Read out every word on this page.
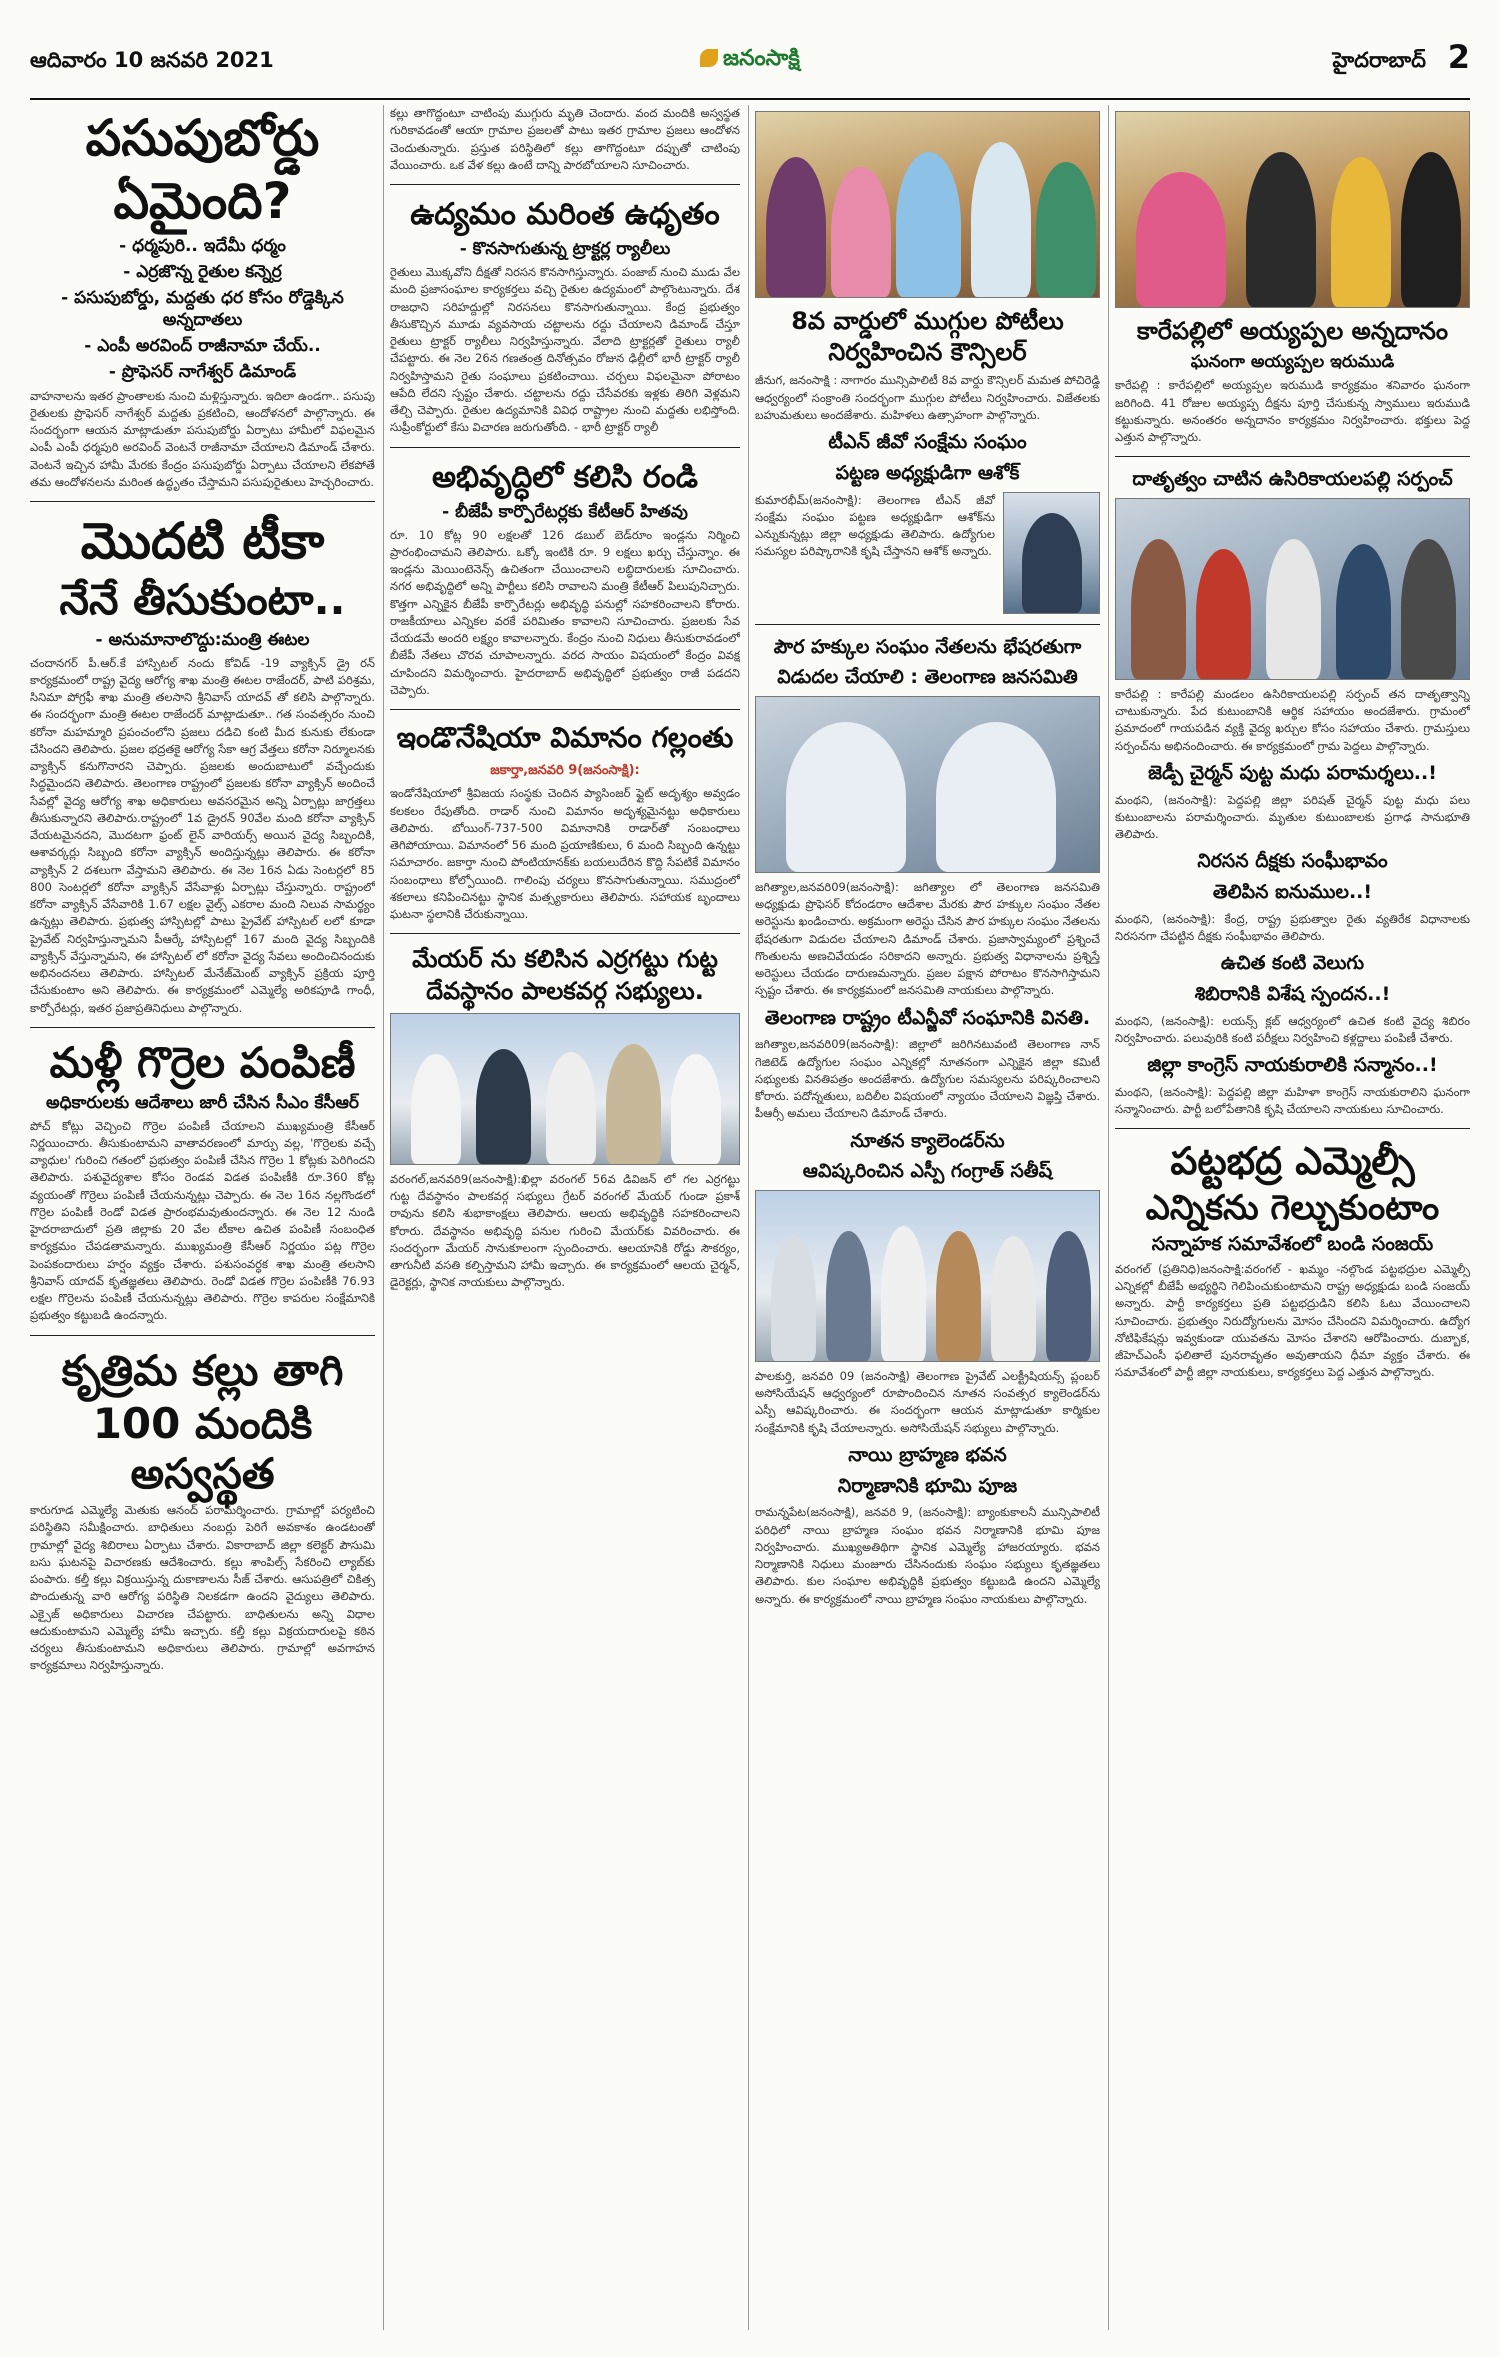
ఆదివారం 10 జనవరి 2021	జనంసాక్షి	హైదరాబాద్ 2
పసుపుబోర్డు
ఏమైంది?
- ధర్మపురి.. ఇదేమీ ధర్మం
- ఎర్రజొన్న రైతుల కన్నెర్ర
- పసుపుబోర్డు, మద్దతు ధర కోసం రోడ్డెక్కిన అన్నదాతలు
- ఎంపీ అరవింద్ రాజీనామా చేయ్..
- ప్రొఫెసర్ నాగేశ్వర్ డిమాండ్
వాహనాలను ఇతర ప్రాంతాలకు నుంచి మళ్లిస్తున్నారు. ఇదిలా ఉండగా.. పసుపు రైతులకు ప్రొఫెసర్ నాగేశ్వర్ మద్దతు ప్రకటించి, ఆందోళనలో పాల్గొన్నారు. ఈ సందర్భంగా ఆయన మాట్లాడుతూ పసుపుబోర్డు ఏర్పాటు హామీలో విఫలమైన ఎంపీ ఎంపీ ధర్మపురి అరవింద్ వెంటనే రాజీనామా చేయాలని డిమాండ్ చేశారు. వెంటనే ఇచ్చిన హామీ మేరకు కేంద్రం పసుపుబోర్డు ఏర్పాటు చేయాలని లేకపోతే తమ ఆందోళనలను మరింత ఉద్ధృతం చేస్తామని పసుపురైతులు హెచ్చరించారు.
మొదటి టీకా
నేనే తీసుకుంటా..
- అనుమానాలొద్దు:మంత్రి ఈటల
చందానగర్ పీ.ఆర్.కే హాస్పిటల్ నందు కోవిడ్ -19 వ్యాక్సిన్ డ్రై రన్ కార్యక్రమంలో రాష్ట్ర వైద్య ఆరోగ్య శాఖ మంత్రి ఈటల రాజేందర్, పాటి పరిశ్రమ, సినిమా పోగ్రఫీ శాఖ మంత్రి తలసాని శ్రీనివాస్ యాదవ్ తో కలిసి పాల్గొన్నారు. ఈ సందర్భంగా మంత్రి ఈటల రాజేందర్ మాట్లాడుతూ.. గత సంవత్సరం నుంచి కరోనా మహమ్మారి ప్రపంచంలోని ప్రజలు దడిచి కంటి మీద కునుకు లేకుండా చేసిందని తెలిపారు. ప్రజల భద్రతకై ఆరోగ్య సేకా ఆగ్ర వేత్తలు కరోనా నిర్మూలనకు వ్యాక్సిన్ కనుగొనారని చెప్పారు. ప్రజలకు అందుబాటులో వచ్చేందుకు సిద్ధమైందని తెలిపారు. తెలంగాణ రాష్ట్రంలో ప్రజలకు కరోనా వ్యాక్సిన్ అందించే సేవల్లో వైద్య ఆరోగ్య శాఖ అధికారులు అవసరమైన అన్ని ఏర్పాట్లు జాగ్రత్తలు తీసుకున్నారని తెలిపారు.రాష్ట్రంలో 1వ డ్రైరన్ 90వేల మంది కరోనా వ్యాక్సిన్ వేయటమైనదని, మొదటగా ఫ్రంట్ లైన్ వారియర్స్ అయిన వైద్య సిబ్బందికి, ఆశావర్కర్లు సిబ్బంది కరోనా వ్యాక్సిన్ అందిస్తున్నట్లు తెలిపారు. ఈ కరోనా వ్యాక్సిన్ 2 దశలుగా వేస్తామని తెలిపారు. ఈ నెల 16న ఏడు సెంటర్లలో 85 800 సెంటర్లలో కరోనా వ్యాక్సిన్ వేసేవాళ్లు ఏర్పాట్లు చేస్తున్నారు. రాష్ట్రంలో కరోనా వ్యాక్సిన్ వేసేవారికి 1.67 లక్షల వైల్స్ ఎకరాల మంది నిలువ సామర్థ్యం ఉన్నట్లు తెలిపారు. ప్రభుత్వ హాస్పిటల్లో పాటు ప్రైవేట్ హాస్పిటల్ లలో కూడా ప్రైవేట్ నిర్వహిస్తున్నామని పీఆర్కే హాస్పిటల్లో 167 మంది వైద్య సిబ్బందికి వ్యాక్సిన్ వేస్తున్నామని, ఈ హాస్పిటల్ లో కరోనా వైద్య సేవలు అందించినందుకు అభినందనలు తెలిపారు. హాస్పిటల్ మేనేజ్‌మెంట్ వ్యాక్సిన్ ప్రక్రియ పూర్తి చేసుకుంటాం అని తెలిపారు. ఈ కార్యక్రమంలో ఎమ్మెల్యే అరికపూడి గాంధీ, కార్పోరేటర్లు, ఇతర ప్రజాప్రతినిధులు పాల్గొన్నారు.
మళ్లీ గొర్రెల పంపిణీ
అధికారులకు ఆదేశాలు జారీ చేసిన సీఎం కేసీఆర్
పోచ్ కోట్లు వెచ్చించి గొర్రెల పంపిణీ చేయాలని ముఖ్యమంత్రి కేసీఆర్ నిర్ణయించారు. తీసుకుంటామని వాతావరణంలో మార్పు వల్ల, 'గొర్రెలకు వచ్చే వ్యాధుల' గురించి గతంలో ప్రభుత్వం పంపిణీ చేసిన గొర్రెల 1 కోట్లకు పెరిగిందని తెలిపారు. పశువైద్యశాల కోసం రెండవ విడత పంపిణీకి రూ.360 కోట్ల వ్యయంతో గొర్రెలు పంపిణీ చేయనున్నట్లు చెప్పారు. ఈ నెల 16న నల్లగొండలో గొర్రెల పంపిణీ రెండో విడత ప్రారంభమవుతుందన్నారు. ఈ నెల 12 నుండి హైదరాబాదులో ప్రతి జిల్లాకు 20 వేల టీకాల ఉచిత పంపిణీ సంబంధిత కార్యక్రమం చేపడతామన్నారు. ముఖ్యమంత్రి కేసీఆర్ నిర్ణయం పట్ల గొర్రెల పెంపకందారులు హర్షం వ్యక్తం చేశారు. పశుసంవర్ధక శాఖ మంత్రి తలసాని శ్రీనివాస్ యాదవ్ కృతజ్ఞతలు తెలిపారు. రెండో విడత గొర్రెల పంపిణీకి 76.93 లక్షల గొర్రెలను పంపిణీ చేయనున్నట్లు తెలిపారు. గొర్రెల కాపరుల సంక్షేమానికి ప్రభుత్వం కట్టుబడి ఉందన్నారు.
కృత్రిమ కల్లు తాగి
100 మందికి అస్వస్థత
కారుగూడ ఎమ్మెల్యే మెతుకు ఆనంద్ పరామర్శించారు. గ్రామాల్లో పర్యటించి పరిస్థితిని సమీక్షించారు. బాధితులు నంబర్లు పెరిగే అవకాశం ఉండటంతో గ్రామాల్లో వైద్య శిబిరాలు ఏర్పాటు చేశారు. వికారాబాద్ జిల్లా కలెక్టర్ పౌసుమి బసు ఘటనపై విచారణకు ఆదేశించారు. కల్లు శాంపిల్స్ సేకరించి ల్యాబ్‌కు పంపారు. కల్తీ కల్లు విక్రయిస్తున్న దుకాణాలను సీజ్ చేశారు. ఆసుపత్రిలో చికిత్స పొందుతున్న వారి ఆరోగ్య పరిస్థితి నిలకడగా ఉందని వైద్యులు తెలిపారు. ఎక్సైజ్ అధికారులు విచారణ చేపట్టారు. బాధితులను అన్ని విధాల ఆదుకుంటామని ఎమ్మెల్యే హామీ ఇచ్చారు. కల్తీ కల్లు విక్రయదారులపై కఠిన చర్యలు తీసుకుంటామని అధికారులు తెలిపారు. గ్రామాల్లో అవగాహన కార్యక్రమాలు నిర్వహిస్తున్నారు.
కల్లు తాగొద్దంటూ చాటింపు ముగ్గురు మృతి చెందారు. వంద మందికి అస్వస్థత గురికావడంతో ఆయా గ్రామాల ప్రజలతో పాటు ఇతర గ్రామాల ప్రజలు ఆందోళన చెందుతున్నారు. ప్రస్తుత పరిస్థితిలో కల్లు తాగొద్దంటూ దప్పుతో చాటింపు వేయించారు. ఒక వేళ కల్లు ఉంటే దాన్ని పారబోయాలని సూచించారు.
ఉద్యమం మరింత ఉధృతం
- కొనసాగుతున్న ట్రాక్టర్ల ర్యాలీలు
రైతులు మొక్కవోని దీక్షతో నిరసన కొనసాగిస్తున్నారు. పంజాబ్ నుంచి ముడు వేల మంది ప్రజాసంఘాల కార్యకర్తలు వచ్చి రైతుల ఉద్యమంలో పాల్గొంటున్నారు. దేశ రాజధాని సరిహద్దుల్లో నిరసనలు కొనసాగుతున్నాయి. కేంద్ర ప్రభుత్వం తీసుకొచ్చిన మూడు వ్యవసాయ చట్టాలను రద్దు చేయాలని డిమాండ్ చేస్తూ రైతులు ట్రాక్టర్ ర్యాలీలు నిర్వహిస్తున్నారు. వేలాది ట్రాక్టర్లతో రైతులు ర్యాలీ చేపట్టారు. ఈ నెల 26న గణతంత్ర దినోత్సవం రోజున ఢిల్లీలో భారీ ట్రాక్టర్ ర్యాలీ నిర్వహిస్తామని రైతు సంఘాలు ప్రకటించాయి. చర్చలు విఫలమైనా పోరాటం ఆపేది లేదని స్పష్టం చేశారు. చట్టాలను రద్దు చేసేవరకు ఇళ్లకు తిరిగి వెళ్లమని తేల్చి చెప్పారు. రైతుల ఉద్యమానికి వివిధ రాష్ట్రాల నుంచి మద్దతు లభిస్తోంది. సుప్రీంకోర్టులో కేసు విచారణ జరుగుతోంది. - భారీ ట్రాక్టర్ ర్యాలీ
అభివృద్ధిలో కలిసి రండి
- బీజేపీ కార్పొరేటర్లకు కేటీఆర్ హితవు
రూ. 10 కోట్ల 90 లక్షలతో 126 డబుల్ బెడ్‌రూం ఇండ్లను నిర్మించి ప్రారంభించామని తెలిపారు. ఒక్కో ఇంటికి రూ. 9 లక్షలు ఖర్చు చేస్తున్నాం. ఈ ఇండ్లను మెయింటెనెన్స్ ఉచితంగా చేయించాలని లబ్ధిదారులకు సూచించారు. నగర అభివృద్ధిలో అన్ని పార్టీలు కలిసి రావాలని మంత్రి కేటీఆర్ పిలుపునిచ్చారు. కొత్తగా ఎన్నికైన బీజేపీ కార్పొరేటర్లు అభివృద్ధి పనుల్లో సహకరించాలని కోరారు. రాజకీయాలు ఎన్నికల వరకే పరిమితం కావాలని సూచించారు. ప్రజలకు సేవ చేయడమే అందరి లక్ష్యం కావాలన్నారు. కేంద్రం నుంచి నిధులు తీసుకురావడంలో బీజేపీ నేతలు చొరవ చూపాలన్నారు. వరద సాయం విషయంలో కేంద్రం వివక్ష చూపిందని విమర్శించారు. హైదరాబాద్ అభివృద్ధిలో ప్రభుత్వం రాజీ పడదని చెప్పారు.
ఇండొనేషియా విమానం గల్లంతు
జకార్తా,జనవరి 9(జనంసాక్షి):
ఇండోనేషియాలో శ్రీవిజయ సంస్థకు చెందిన ప్యాసింజర్ ఫ్లైట్ అదృశ్యం అవ్వడం కలకలం రేపుతోంది. రాడార్ నుంచి విమానం అదృశ్యమైనట్టు అధికారులు తెలిపారు. బోయింగ్-737-500 విమానానికి రాడార్‌తో సంబంధాలు తెగిపోయాయి. విమానంలో 56 మంది ప్రయాణికులు, 6 మంది సిబ్బంది ఉన్నట్టు సమాచారం. జకార్తా నుంచి పోంటియానక్‌కు బయలుదేరిన కొద్ది సేపటికే విమానం సంబంధాలు కోల్పోయింది. గాలింపు చర్యలు కొనసాగుతున్నాయి. సముద్రంలో శకలాలు కనిపించినట్టు స్థానిక మత్స్యకారులు తెలిపారు. సహాయక బృందాలు ఘటనా స్థలానికి చేరుకున్నాయి.
మేయర్ ను కలిసిన ఎర్రగట్టు గుట్ట దేవస్థానం పాలకవర్గ సభ్యులు.
వరంగల్,జనవరి9(జనంసాక్షి):ఖిల్లా వరంగల్ 56వ డివిజన్ లో గల ఎర్రగట్టు గుట్ట దేవస్థానం పాలకవర్గ సభ్యులు గ్రేటర్ వరంగల్ మేయర్ గుండా ప్రకాశ్ రావును కలిసి శుభాకాంక్షలు తెలిపారు. ఆలయ అభివృద్ధికి సహకరించాలని కోరారు. దేవస్థానం అభివృద్ధి పనుల గురించి మేయర్‌కు వివరించారు. ఈ సందర్భంగా మేయర్ సానుకూలంగా స్పందించారు. ఆలయానికి రోడ్డు సౌకర్యం, తాగునీటి వసతి కల్పిస్తామని హామీ ఇచ్చారు. ఈ కార్యక్రమంలో ఆలయ చైర్మన్, డైరెక్టర్లు, స్థానిక నాయకులు పాల్గొన్నారు.
8వ వార్డులో ముగ్గుల పోటీలు నిర్వహించిన కౌన్సిలర్
జీనుగ, జనంసాక్షి : నాగారం మున్సిపాలిటీ 8వ వార్డు కౌన్సిలర్ మమత పోచిరెడ్డి ఆధ్వర్యంలో సంక్రాంతి సందర్భంగా ముగ్గుల పోటీలు నిర్వహించారు. విజేతలకు బహుమతులు అందజేశారు. మహిళలు ఉత్సాహంగా పాల్గొన్నారు.
టీఎన్ జీవో సంక్షేమ సంఘం
పట్టణ అధ్యక్షుడిగా ఆశోక్
కుమారభీమ్(జనంసాక్షి): తెలంగాణ టీఎన్ జీవో సంక్షేమ సంఘం పట్టణ అధ్యక్షుడిగా ఆశోక్‌ను ఎన్నుకున్నట్లు జిల్లా అధ్యక్షుడు తెలిపారు. ఉద్యోగుల సమస్యల పరిష్కారానికి కృషి చేస్తానని ఆశోక్ అన్నారు.
పౌర హక్కుల సంఘం నేతలను భేషరతుగా
విడుదల చేయాలి : తెలంగాణ జనసమితి
జగిత్యాల,జనవరి09(జనంసాక్షి): జగిత్యాల లో తెలంగాణ జనసమితి అధ్యక్షుడు ప్రొఫెసర్ కోదండరాం ఆదేశాల మేరకు పౌర హక్కుల సంఘం నేతల అరెస్టును ఖండించారు. అక్రమంగా అరెస్టు చేసిన పౌర హక్కుల సంఘం నేతలను భేషరతుగా విడుదల చేయాలని డిమాండ్ చేశారు. ప్రజాస్వామ్యంలో ప్రశ్నించే గొంతులను అణచివేయడం సరికాదని అన్నారు. ప్రభుత్వ విధానాలను ప్రశ్నిస్తే అరెస్టులు చేయడం దారుణమన్నారు. ప్రజల పక్షాన పోరాటం కొనసాగిస్తామని స్పష్టం చేశారు. ఈ కార్యక్రమంలో జనసమితి నాయకులు పాల్గొన్నారు.
తెలంగాణ రాష్ట్రం టీఎన్జీవో సంఘానికి వినతి.
జగిత్యాల,జనవరి09(జనంసాక్షి): జిల్లాలో జరిగినటువంటి తెలంగాణ నాన్ గెజిటెడ్ ఉద్యోగుల సంఘం ఎన్నికల్లో నూతనంగా ఎన్నికైన జిల్లా కమిటీ సభ్యులకు వినతిపత్రం అందజేశారు. ఉద్యోగుల సమస్యలను పరిష్కరించాలని కోరారు. పదోన్నతులు, బదిలీల విషయంలో న్యాయం చేయాలని విజ్ఞప్తి చేశారు. పీఆర్సీ అమలు చేయాలని డిమాండ్ చేశారు.
నూతన క్యాలెండర్‌ను
ఆవిష్కరించిన ఎస్పీ గంగ్రాత్ సతీష్
పాలకుర్తి, జనవరి 09 (జనంసాక్షి) తెలంగాణ ప్రైవేట్ ఎలక్ట్రీషియన్స్ ప్లంబర్ అసోసియేషన్ ఆధ్వర్యంలో రూపొందించిన నూతన సంవత్సర క్యాలెండర్‌ను ఎస్పీ ఆవిష్కరించారు. ఈ సందర్భంగా ఆయన మాట్లాడుతూ కార్మికుల సంక్షేమానికి కృషి చేయాలన్నారు. అసోసియేషన్ సభ్యులు పాల్గొన్నారు.
నాయి బ్రాహ్మణ భవన
నిర్మాణానికి భూమి పూజ
రామన్నపేట(జనంసాక్షి), జనవరి 9, (జనంసాక్షి): బ్యాంకుకాలనీ మున్సిపాలిటీ పరిధిలో నాయి బ్రాహ్మణ సంఘం భవన నిర్మాణానికి భూమి పూజ నిర్వహించారు. ముఖ్యఅతిథిగా స్థానిక ఎమ్మెల్యే హాజరయ్యారు. భవన నిర్మాణానికి నిధులు మంజూరు చేసినందుకు సంఘం సభ్యులు కృతజ్ఞతలు తెలిపారు. కుల సంఘాల అభివృద్ధికి ప్రభుత్వం కట్టుబడి ఉందని ఎమ్మెల్యే అన్నారు. ఈ కార్యక్రమంలో నాయి బ్రాహ్మణ సంఘం నాయకులు పాల్గొన్నారు.
కారేపల్లిలో అయ్యప్పల అన్నదానం
ఘనంగా అయ్యప్పల ఇరుముడి
కారేపల్లి : కారేపల్లిలో అయ్యప్పల ఇరుముడి కార్యక్రమం శనివారం ఘనంగా జరిగింది. 41 రోజుల అయ్యప్ప దీక్షను పూర్తి చేసుకున్న స్వాములు ఇరుముడి కట్టుకున్నారు. అనంతరం అన్నదానం కార్యక్రమం నిర్వహించారు. భక్తులు పెద్ద ఎత్తున పాల్గొన్నారు.
దాతృత్వం చాటిన ఉసిరికాయలపల్లి సర్పంచ్
కారేపల్లి : కారేపల్లి మండలం ఉసిరికాయలపల్లి సర్పంచ్ తన దాతృత్వాన్ని చాటుకున్నారు. పేద కుటుంబానికి ఆర్థిక సహాయం అందజేశారు. గ్రామంలో ప్రమాదంలో గాయపడిన వ్యక్తి వైద్య ఖర్చుల కోసం సహాయం చేశారు. గ్రామస్తులు సర్పంచ్‌ను అభినందించారు. ఈ కార్యక్రమంలో గ్రామ పెద్దలు పాల్గొన్నారు.
జెడ్పీ చైర్మన్ పుట్ట మధు పరామర్శలు..!
మంథని, (జనంసాక్షి): పెద్దపల్లి జిల్లా పరిషత్ చైర్మన్ పుట్ట మధు పలు కుటుంబాలను పరామర్శించారు. మృతుల కుటుంబాలకు ప్రగాఢ సానుభూతి తెలిపారు.
నిరసన దీక్షకు సంఘీభావం
తెలిపిన ఐనుముల..!
మంథని, (జనంసాక్షి): కేంద్ర, రాష్ట్ర ప్రభుత్వాల రైతు వ్యతిరేక విధానాలకు నిరసనగా చేపట్టిన దీక్షకు సంఘీభావం తెలిపారు.
ఉచిత కంటి వెలుగు
శిబిరానికి విశేష స్పందన..!
మంథని, (జనంసాక్షి): లయన్స్ క్లబ్ ఆధ్వర్యంలో ఉచిత కంటి వైద్య శిబిరం నిర్వహించారు. పలువురికి కంటి పరీక్షలు నిర్వహించి కళ్లద్దాలు పంపిణీ చేశారు.
జిల్లా కాంగ్రెస్ నాయకురాలికి సన్మానం..!
మంథని, (జనంసాక్షి): పెద్దపల్లి జిల్లా మహిళా కాంగ్రెస్ నాయకురాలిని ఘనంగా సన్మానించారు. పార్టీ బలోపేతానికి కృషి చేయాలని నాయకులు సూచించారు.
పట్టభద్ర ఎమ్మెల్సీ
ఎన్నికను గెల్చుకుంటాం
సన్నాహక సమావేశంలో బండి సంజయ్
వరంగల్ (ప్రతినిధి)జనంసాక్షి:వరంగల్ - ఖమ్మం -నల్గొండ పట్టభద్రుల ఎమ్మెల్సీ ఎన్నికల్లో బీజేపీ అభ్యర్థిని గెలిపించుకుంటామని రాష్ట్ర అధ్యక్షుడు బండి సంజయ్ అన్నారు. పార్టీ కార్యకర్తలు ప్రతి పట్టభద్రుడిని కలిసి ఓటు వేయించాలని సూచించారు. ప్రభుత్వం నిరుద్యోగులను మోసం చేసిందని విమర్శించారు. ఉద్యోగ నోటిఫికేషన్లు ఇవ్వకుండా యువతను మోసం చేశారని ఆరోపించారు. దుబ్బాక, జీహెచ్ఎంసీ ఫలితాలే పునరావృతం అవుతాయని ధీమా వ్యక్తం చేశారు. ఈ సమావేశంలో పార్టీ జిల్లా నాయకులు, కార్యకర్తలు పెద్ద ఎత్తున పాల్గొన్నారు.
